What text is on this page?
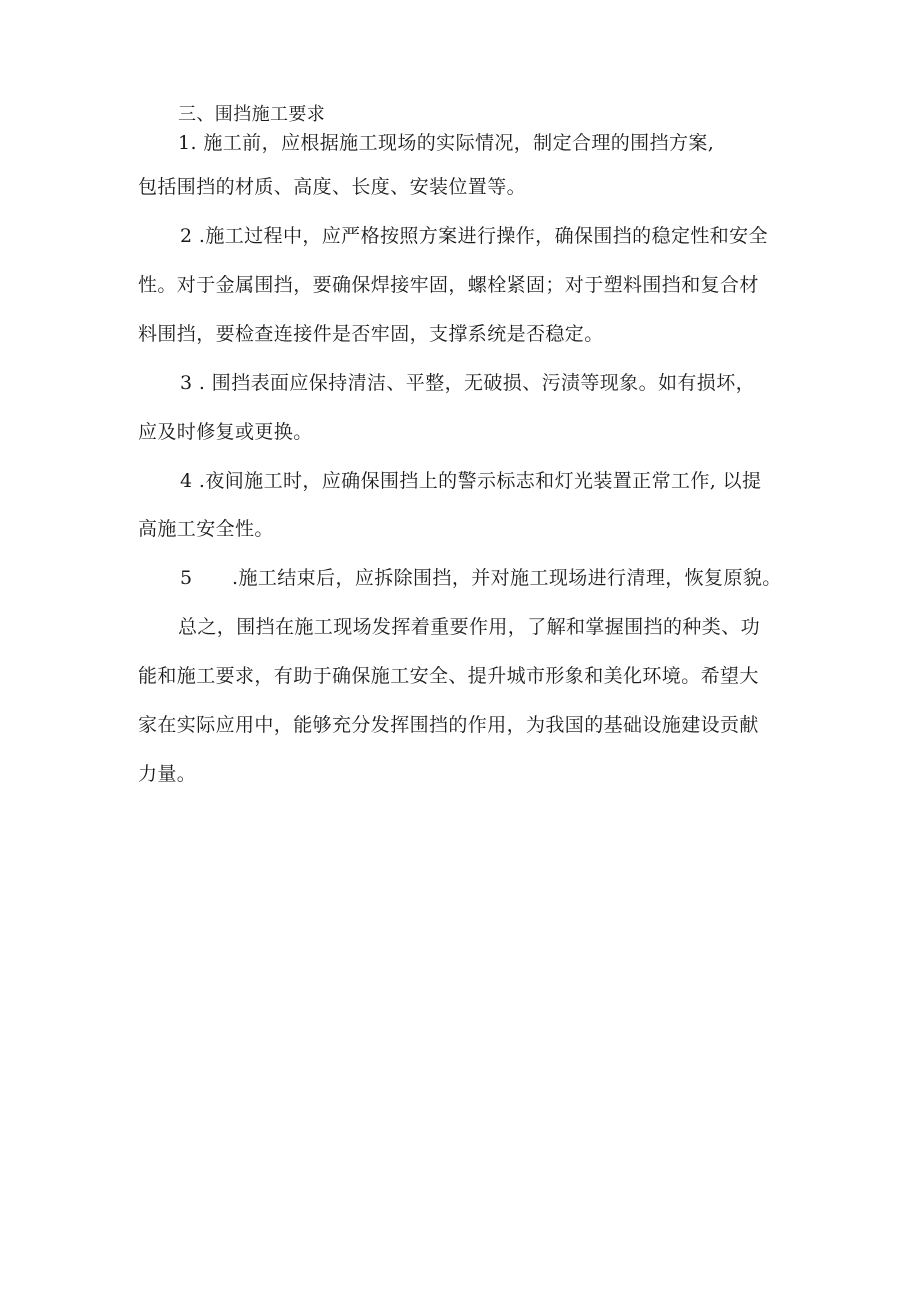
三、围挡施工要求
1. 施工前，应根据施工现场的实际情况，制定合理的围挡方案,
包括围挡的材质、高度、长度、安装位置等。
2 .施工过程中，应严格按照方案进行操作，确保围挡的稳定性和安全
性。对于金属围挡，要确保焊接牢固，螺栓紧固；对于塑料围挡和复合材
料围挡，要检查连接件是否牢固，支撑系统是否稳定。
3 . 围挡表面应保持清洁、平整，无破损、污渍等现象。如有损坏，
应及时修复或更换。
4 .夜间施工时，应确保围挡上的警示标志和灯光装置正常工作, 以提
高施工安全性。
5 .施工结束后，应拆除围挡，并对施工现场进行清理，恢复原貌。
总之，围挡在施工现场发挥着重要作用，了解和掌握围挡的种类、功
能和施工要求，有助于确保施工安全、提升城市形象和美化环境。希望大
家在实际应用中，能够充分发挥围挡的作用，为我国的基础设施建设贡献
力量。
